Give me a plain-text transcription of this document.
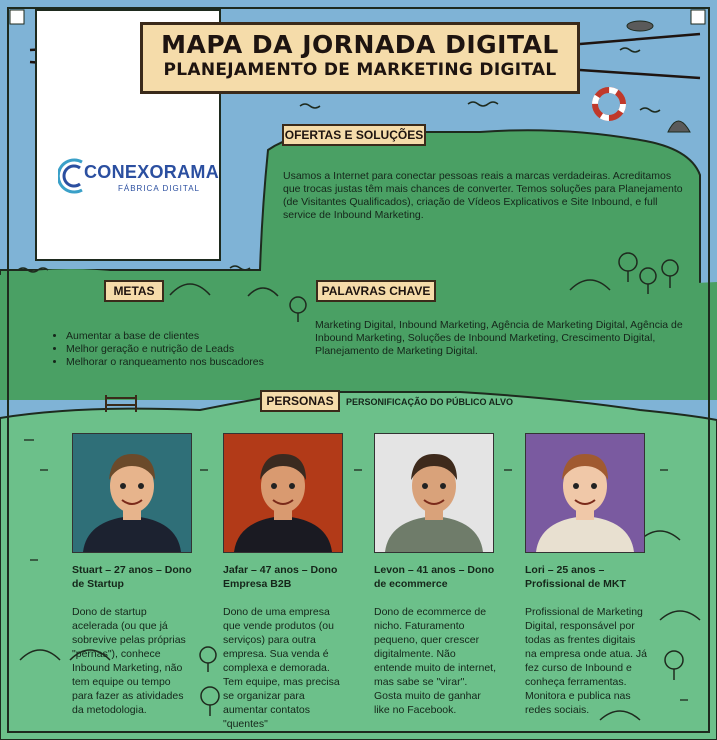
MAPA DA JORNADA DIGITAL
PLANEJAMENTO DE MARKETING DIGITAL
CONEXORAMA
FÁBRICA DIGITAL
OFERTAS E SOLUÇÕES
Usamos a Internet para conectar pessoas reais a marcas verdadeiras. Acreditamos que trocas justas têm mais chances de converter. Temos soluções para Planejamento (de Visitantes Qualificados), criação de Vídeos Explicativos e Site Inbound, e full service de Inbound Marketing.
METAS
• Aumentar a base de clientes
• Melhor geração e nutrição de Leads
• Melhorar o ranqueamento nos buscadores
PALAVRAS CHAVE
Marketing Digital, Inbound Marketing, Agência de Marketing Digital, Agência de Inbound Marketing, Soluções de Inbound Marketing, Crescimento Digital, Planejamento de Marketing Digital.
PERSONAS	PERSONIFICAÇÃO DO PÚBLICO ALVO
Stuart – 27 anos – Dono de Startup
Dono de startup acelerada (ou que já sobrevive pelas próprias "pernas"), conhece Inbound Marketing, não tem equipe ou tempo para fazer as atividades da metodologia.
Jafar – 47 anos – Dono Empresa B2B
Dono de uma empresa que vende produtos (ou serviços) para outra empresa. Sua venda é complexa e demorada. Tem equipe, mas precisa se organizar para aumentar contatos "quentes"
Levon – 41 anos – Dono de ecommerce
Dono de ecommerce de nicho. Faturamento pequeno, quer crescer digitalmente. Não entende muito de internet, mas sabe se "virar". Gosta muito de ganhar like no Facebook.
Lori – 25 anos – Profissional de MKT
Profissional de Marketing Digital, responsável por todas as frentes digitais na empresa onde atua. Já fez curso de Inbound e conheça ferramentas. Monitora e publica nas redes sociais.
